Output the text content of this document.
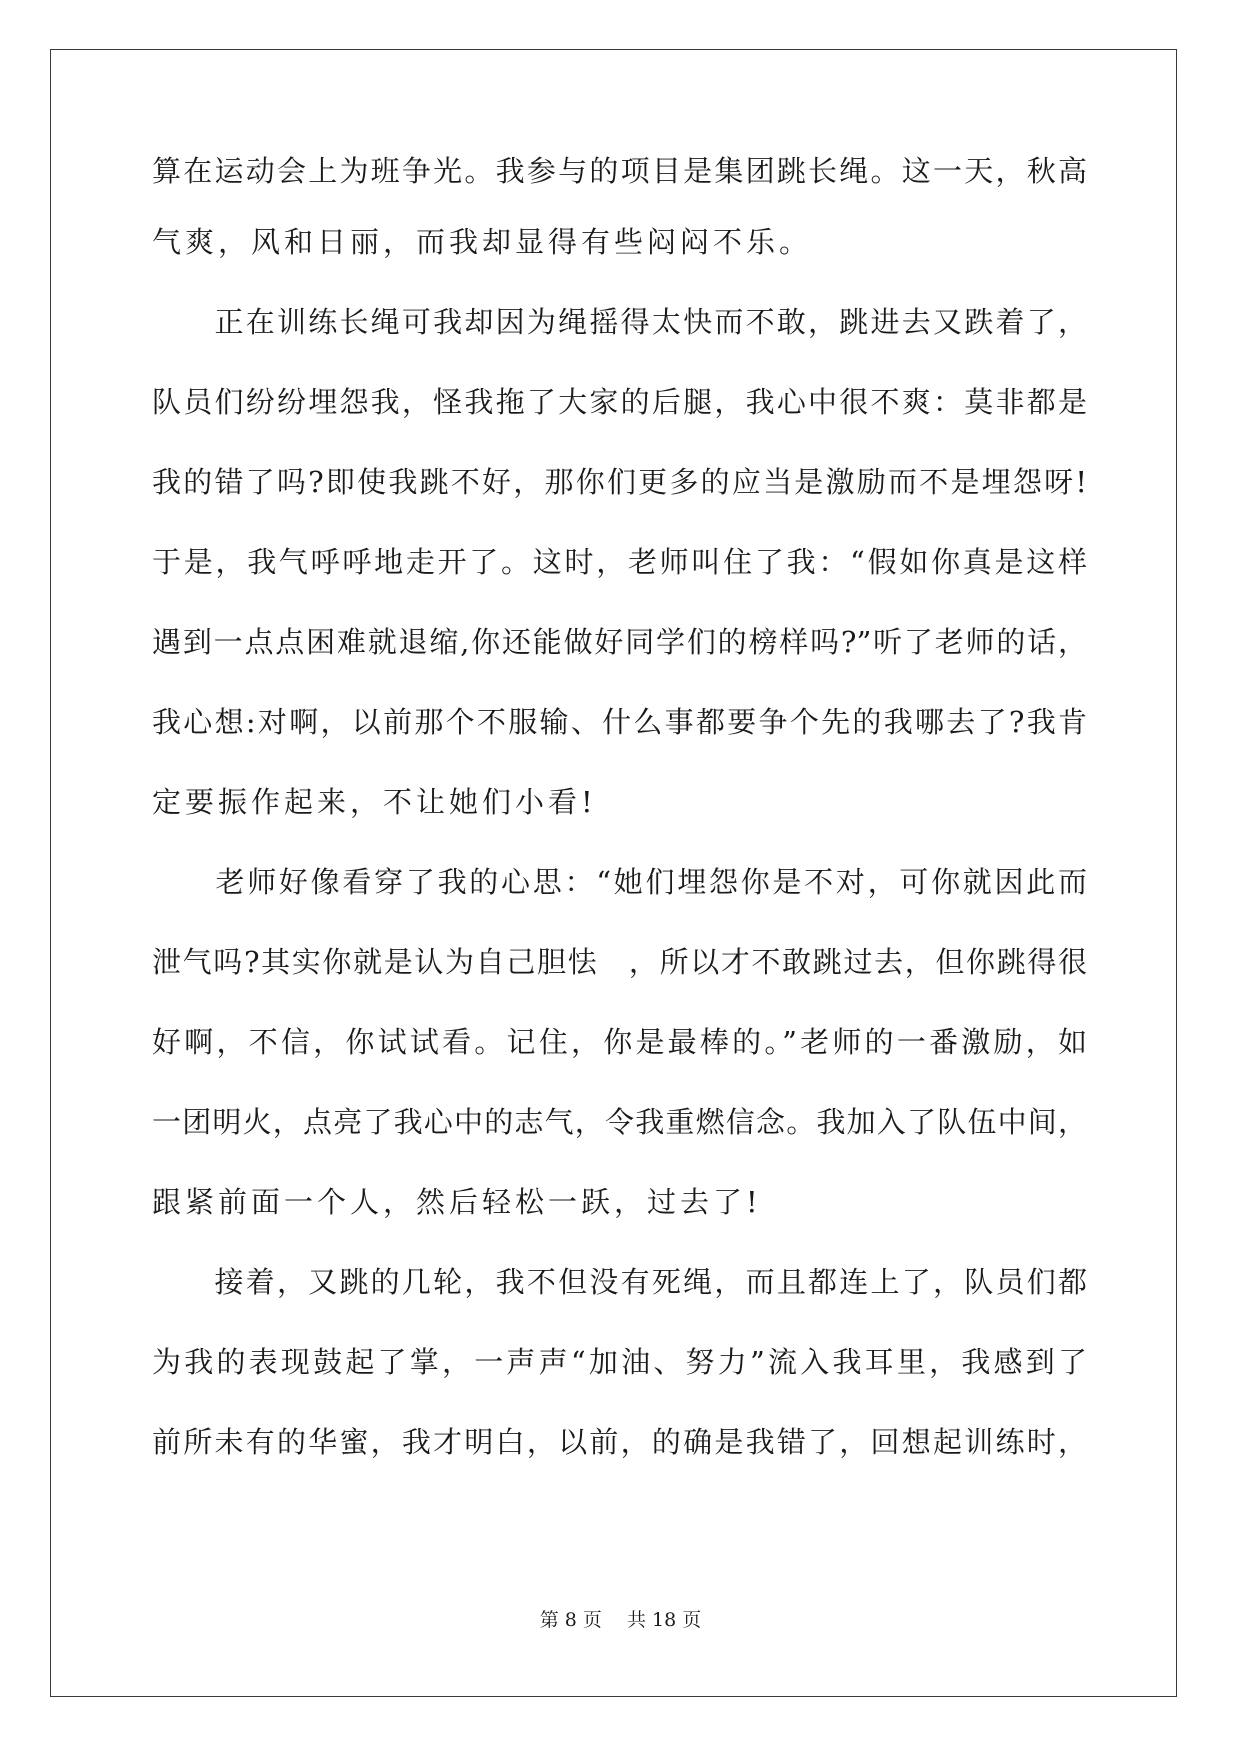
算在运动会上为班争光。我参与的项目是集团跳长绳。这一天，秋高
气爽，风和日丽，而我却显得有些闷闷不乐。
　　正在训练长绳可我却因为绳摇得太快而不敢，跳进去又跌着了，
队员们纷纷埋怨我，怪我拖了大家的后腿，我心中很不爽：莫非都是
我的错了吗?即使我跳不好，那你们更多的应当是激励而不是埋怨呀!
于是，我气呼呼地走开了。这时，老师叫住了我：“假如你真是这样
遇到一点点困难就退缩,你还能做好同学们的榜样吗?”听了老师的话，
我心想:对啊，以前那个不服输、什么事都要争个先的我哪去了?我肯
定要振作起来，不让她们小看!
　　老师好像看穿了我的心思：“她们埋怨你是不对，可你就因此而
泄气吗?其实你就是认为自己胆怯　，所以才不敢跳过去，但你跳得很
好啊，不信，你试试看。记住，你是最棒的。”老师的一番激励，如
一团明火，点亮了我心中的志气，令我重燃信念。我加入了队伍中间，
跟紧前面一个人，然后轻松一跃，过去了!
　　接着，又跳的几轮，我不但没有死绳，而且都连上了，队员们都
为我的表现鼓起了掌，一声声“加油、努力”流入我耳里，我感到了
前所未有的华蜜，我才明白，以前，的确是我错了，回想起训练时，
第 8 页　 共 18 页
